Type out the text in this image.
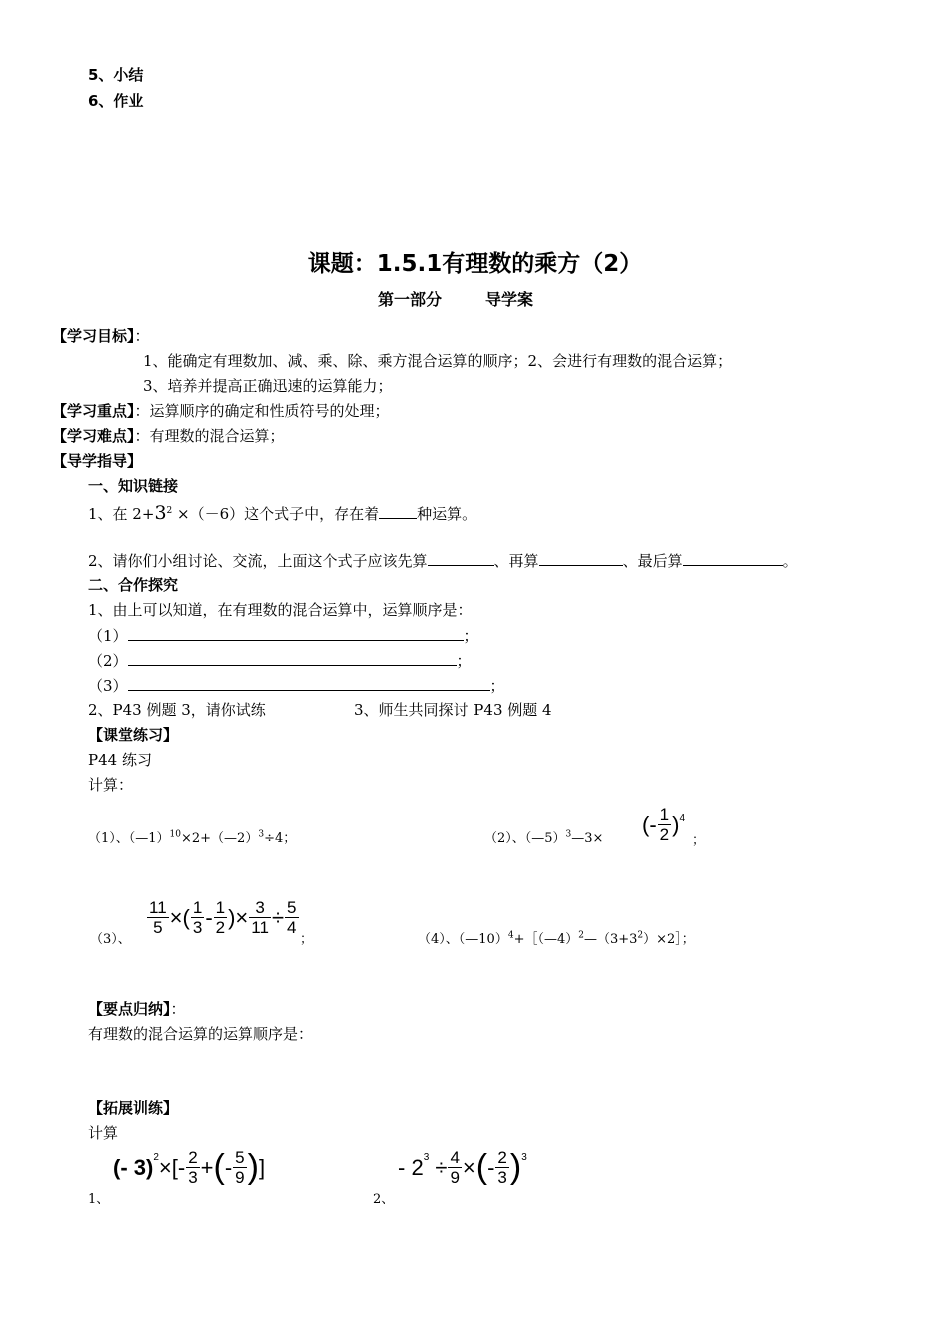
5、小结
6、作业
课题：1.5.1有理数的乘方（2）
第一部分	导学案
【学习目标】：
1、能确定有理数加、减、乘、除、乘方混合运算的顺序；2、会进行有理数的混合运算；
3、培养并提高正确迅速的运算能力；
【学习重点】：运算顺序的确定和性质符号的处理；
【学习难点】：有理数的混合运算；
【导学指导】
一、知识链接
1、在 $2+3^2 \times(-6)$这个式子中，存在着	种运算。
2、请你们小组讨论、交流，上面这个式子应该先算	、再算	、最后算	。
二、合作探究
1、由上可以知道，在有理数的混合运算中，运算顺序是：
（1）	；
（2）	；
（3）	；
2、P43 例题 3，请你试练	3、师生共同探讨 P43 例题 4
【课堂练习】
P44 练习
计算：
（1）、（—1）$^{10}$×2+（—2）$^3$÷4；	（2）、（—5）$^3$—3×
(- $\frac{1}{2} )^4$
；
（3）、
$\frac{11}{5}$ ×( $\frac{1}{3} - \frac{1}{2}$ )× $\frac{3}{11} \div \frac{5}{4}$
；	（4）、$(—10)^4+[(—4)^2—(3+3^2)\times 2]$；
【要点归纳】：
有理数的混合运算的运算顺序是：
【拓展训练】
计算
1、
(- $3)^2\times[- \frac{2}{3}$ +(- $\frac{5}{9}$ )]
2、
- $2^3 \div \frac{4}{9}$ ×(- $\frac{2}{3} )^3$
